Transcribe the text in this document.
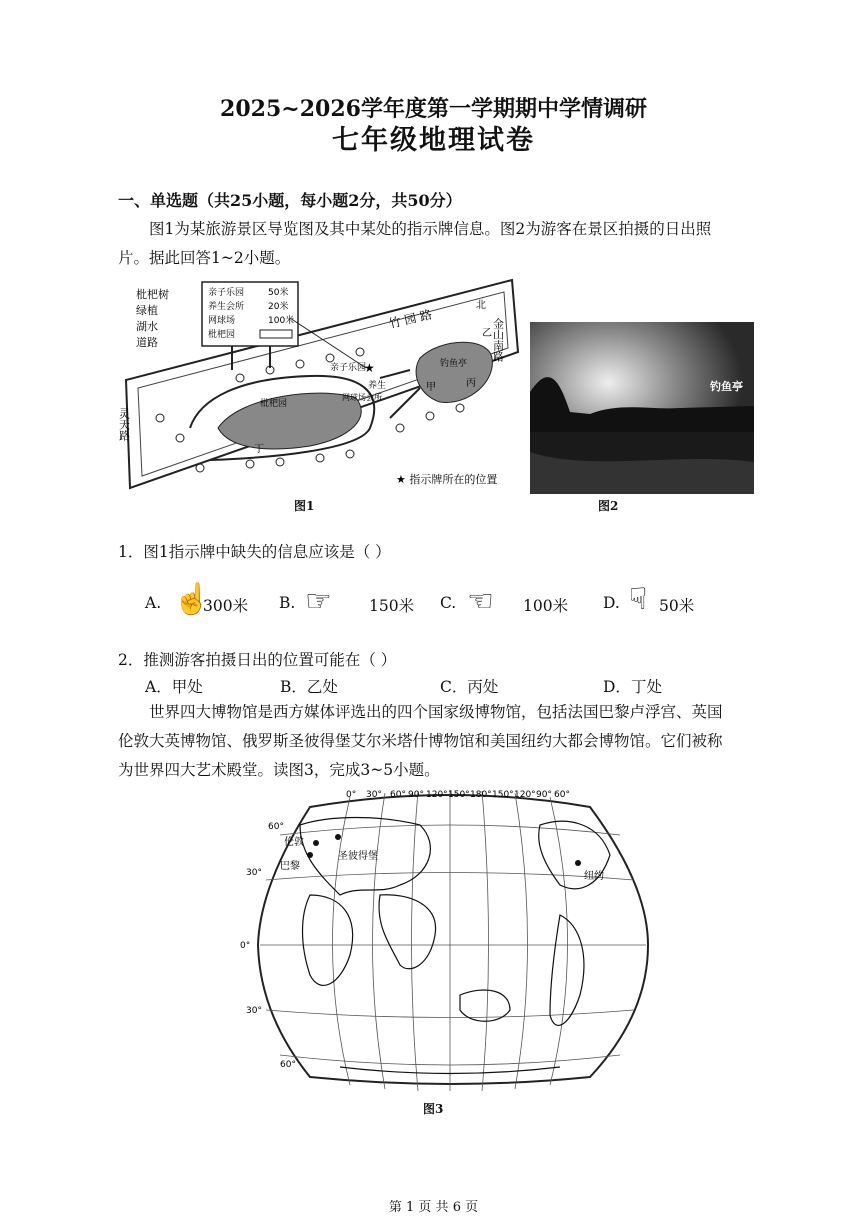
2025~2026学年度第一学期期中学情调研
七年级地理试卷
一、单选题（共25小题，每小题2分，共50分）
图1为某旅游景区导览图及其中某处的指示牌信息。图2为游客在景区拍摄的日出照
片。据此回答1~2小题。
枇杷树
绿植
湖水
道路
亲子乐园	50米
养生会所	20米
网球场	100米
枇杷园
竹 园 路	金山南路
灵天路
北
亲子乐园
枇杷园
养生
网球场会所
钓鱼亭
甲
乙
丙
丁
★
★ 指示牌所在的位置
图1
钓鱼亭
图2
1．图1指示牌中缺失的信息应该是（ ）
A. ☝
300米 B. ☞ 150米 C. ☜ 100米 D. ☟ 50米
2．推测游客拍摄日出的位置可能在（ ）
A．甲处	B．乙处	C．丙处	D．丁处
世界四大博物馆是西方媒体评选出的四个国家级博物馆，包括法国巴黎卢浮宫、英国
伦敦大英博物馆、俄罗斯圣彼得堡艾尔米塔什博物馆和美国纽约大都会博物馆。它们被称
为世界四大艺术殿堂。读图3，完成3~5小题。
0° 30° 60° 90° 120° 150° 180° 150° 120° 90° 60°
60°
30°
0°
30°
60°
伦敦
巴黎
圣彼得堡
纽约
图3
第 1 页 共 6 页
